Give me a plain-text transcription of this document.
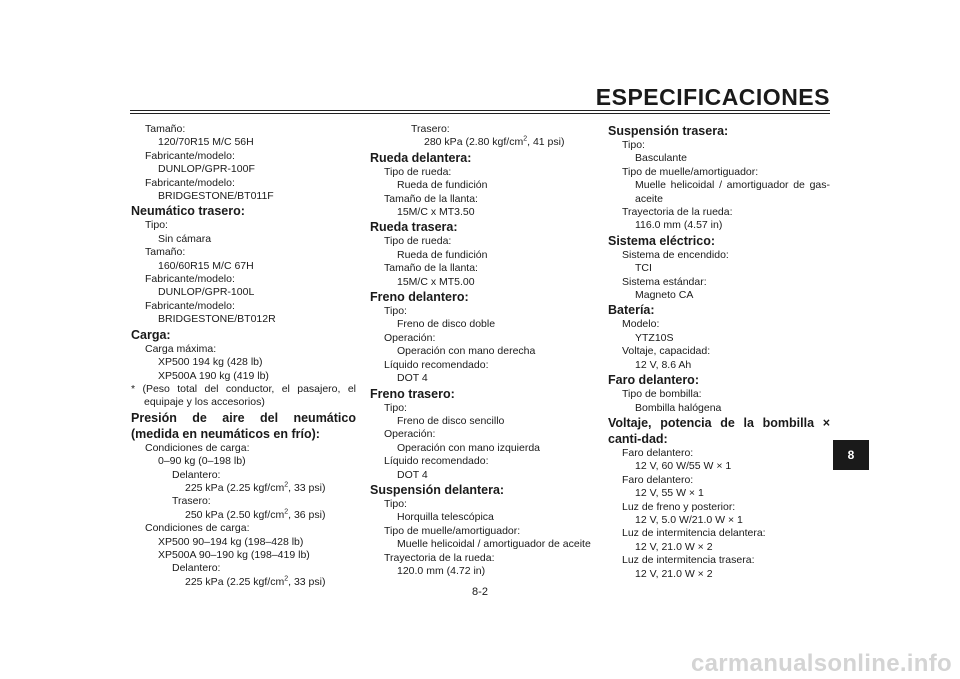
ESPECIFICACIONES
Tamaño:
120/70R15 M/C 56H
Fabricante/modelo:
DUNLOP/GPR-100F
Fabricante/modelo:
BRIDGESTONE/BT011F
Neumático trasero:
Tipo:
Sin cámara
Tamaño:
160/60R15 M/C 67H
Fabricante/modelo:
DUNLOP/GPR-100L
Fabricante/modelo:
BRIDGESTONE/BT012R
Carga:
Carga máxima:
XP500 194 kg (428 lb)
XP500A 190 kg (419 lb)
* (Peso total del conductor, el pasajero, el equipaje y los accesorios)
Presión de aire del neumático (medida en neumáticos en frío):
Condiciones de carga:
0–90 kg (0–198 lb)
Delantero:
225 kPa (2.25 kgf/$cm^2$, 33 psi)
Trasero:
250 kPa (2.50 kgf/$cm^2$, 36 psi)
Condiciones de carga:
XP500 90–194 kg (198–428 lb)
XP500A 90–190 kg (198–419 lb)
Delantero:
225 kPa (2.25 kgf/$cm^2$, 33 psi)
Trasero:
280 kPa (2.80 kgf/$cm^2$, 41 psi)
Rueda delantera:
Tipo de rueda:
Rueda de fundición
Tamaño de la llanta:
15M/C x MT3.50
Rueda trasera:
Tipo de rueda:
Rueda de fundición
Tamaño de la llanta:
15M/C x MT5.00
Freno delantero:
Tipo:
Freno de disco doble
Operación:
Operación con mano derecha
Líquido recomendado:
DOT 4
Freno trasero:
Tipo:
Freno de disco sencillo
Operación:
Operación con mano izquierda
Líquido recomendado:
DOT 4
Suspensión delantera:
Tipo:
Horquilla telescópica
Tipo de muelle/amortiguador:
Muelle helicoidal / amortiguador de aceite
Trayectoria de la rueda:
120.0 mm (4.72 in)
Suspensión trasera:
Tipo:
Basculante
Tipo de muelle/amortiguador:
Muelle helicoidal / amortiguador de gas-aceite
Trayectoria de la rueda:
116.0 mm (4.57 in)
Sistema eléctrico:
Sistema de encendido:
TCI
Sistema estándar:
Magneto CA
Batería:
Modelo:
YTZ10S
Voltaje, capacidad:
12 V, 8.6 Ah
Faro delantero:
Tipo de bombilla:
Bombilla halógena
Voltaje, potencia de la bombilla × canti-dad:
Faro delantero:
12 V, 60 W/55 W × 1
Faro delantero:
12 V, 55 W × 1
Luz de freno y posterior:
12 V, 5.0 W/21.0 W × 1
Luz de intermitencia delantera:
12 V, 21.0 W × 2
Luz de intermitencia trasera:
12 V, 21.0 W × 2
8
8-2
carmanualsonline.info
